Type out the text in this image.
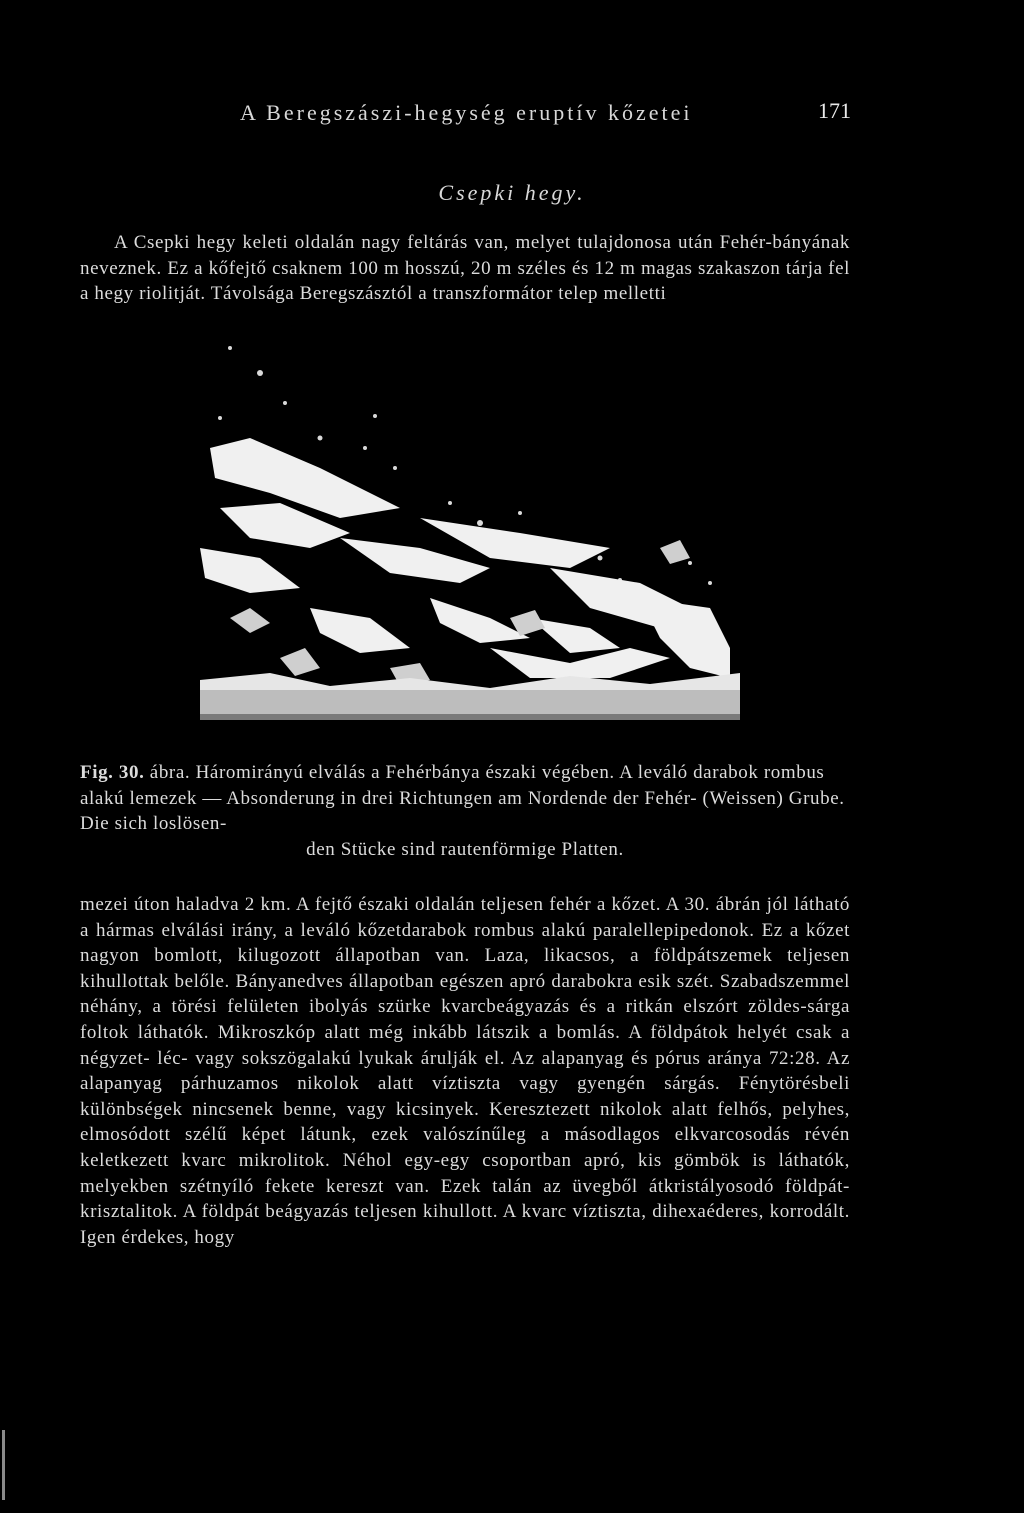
A Beregszászi-hegység eruptív kőzetei	171
Csepki hegy.

A Csepki hegy keleti oldalán nagy feltárás van, melyet tulajdonosa után Fehér-bányának neveznek. Ez a kőfejtő csaknem 100 m hosszú, 20 m széles és 12 m magas szakaszon tárja fel a hegy riolitját. Távolsága Beregszásztól a transzformátor telep melletti

Fig. 30. ábra. Háromirányú elválás a Fehérbánya északi végében. A leváló darabok rombus alakú lemezek — Absonderung in drei Richtungen am Nordende der Fehér- (Weissen) Grube. Die sich loslösen-
den Stücke sind rautenförmige Platten.

mezei úton haladva 2 km. A fejtő északi oldalán teljesen fehér a kőzet. A 30. ábrán jól látható a hármas elválási irány, a leváló kőzetdarabok rombus alakú paralellepipedonok. Ez a kőzet nagyon bomlott, kilugozott állapotban van. Laza, likacsos, a földpátszemek teljesen kihullottak belőle. Bányanedves állapotban egészen apró darabokra esik szét. Szabadszemmel néhány, a törési felületen ibolyás szürke kvarcbeágyazás és a ritkán elszórt zöldes-sárga foltok láthatók. Mikroszkóp alatt még inkább látszik a bomlás. A földpátok helyét csak a négyzet- léc- vagy sokszögalakú lyukak árulják el. Az alapanyag és pórus aránya 72:28. Az alapanyag párhuzamos nikolok alatt víztiszta vagy gyengén sárgás. Fénytörésbeli különbségek nincsenek benne, vagy kicsinyek. Keresztezett nikolok alatt felhős, pelyhes, elmosódott szélű képet látunk, ezek valószínűleg a másodlagos elkvarcosodás révén keletkezett kvarc mikrolitok. Néhol egy-egy csoportban apró, kis gömbök is láthatók, melyekben szétnyíló fekete kereszt van. Ezek talán az üvegből átkristályosodó földpát-krisztalitok. A földpát beágyazás teljesen kihullott. A kvarc víztiszta, dihexaéderes, korrodált. Igen érdekes, hogy
